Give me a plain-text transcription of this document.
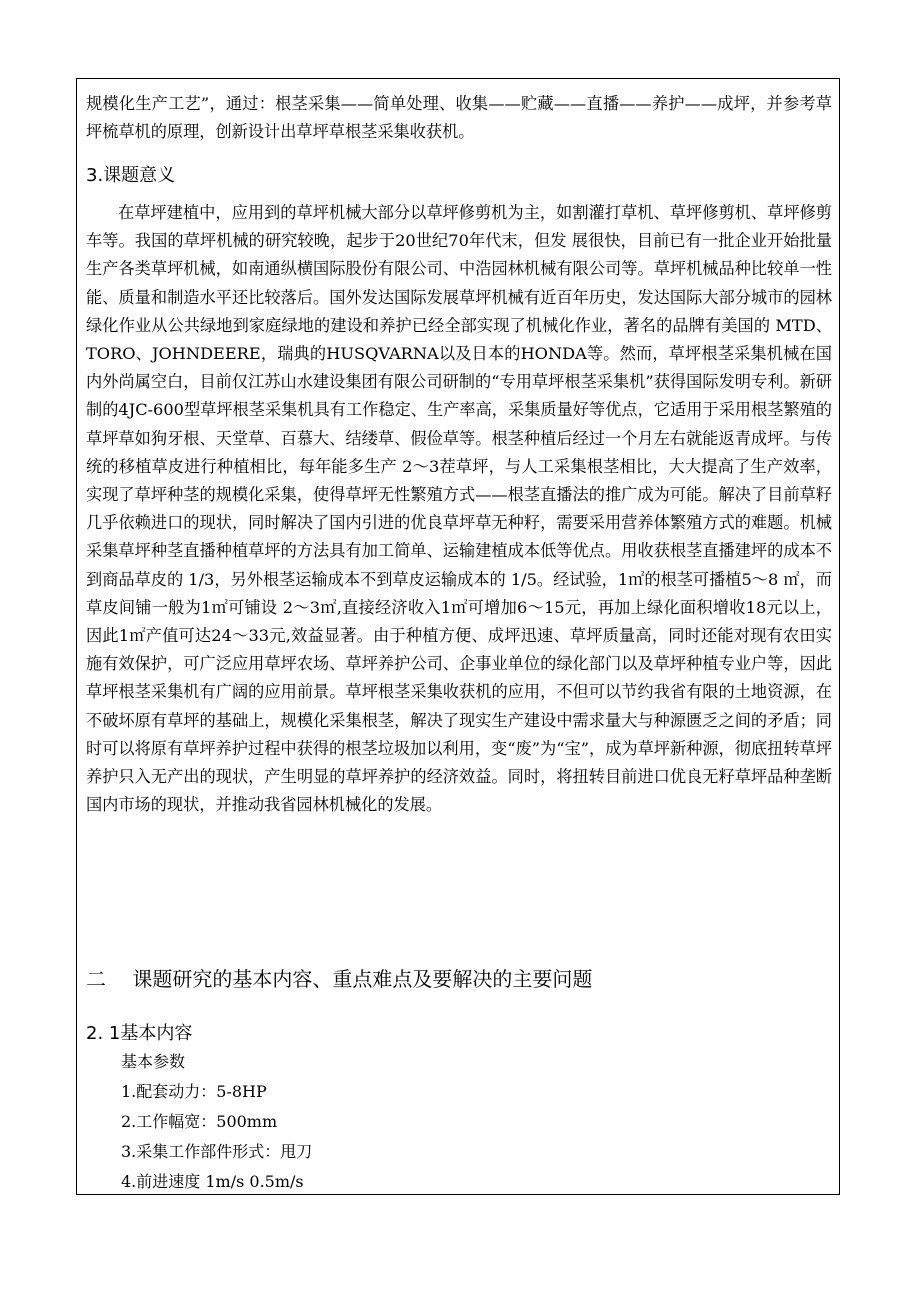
规模化生产工艺”，通过：根茎采集——简单处理、收集——贮藏——直播——养护——成坪，并参考草坪梳草机的原理，创新设计出草坪草根茎采集收获机。

3.课题意义

在草坪建植中，应用到的草坪机械大部分以草坪修剪机为主，如割灌打草机、草坪修剪机、草坪修剪车等。我国的草坪机械的研究较晚，起步于20世纪70年代末，但发 展很快，目前已有一批企业开始批量生产各类草坪机械，如南通纵横国际股份有限公司、中浩园林机械有限公司等。草坪机械品种比较单一性能、质量和制造水平还比较落后。国外发达国际发展草坪机械有近百年历史，发达国际大部分城市的园林绿化作业从公共绿地到家庭绿地的建设和养护已经全部实现了机械化作业，著名的品牌有美国的 MTD、TORO、JOHNDEERE，瑞典的HUSQVARNA以及日本的HONDA等。然而，草坪根茎采集机械在国内外尚属空白，目前仅江苏山水建设集团有限公司研制的“专用草坪根茎采集机”获得国际发明专利。新研制的4JC-600型草坪根茎采集机具有工作稳定、生产率高，采集质量好等优点，它适用于采用根茎繁殖的草坪草如狗牙根、天堂草、百慕大、结缕草、假俭草等。根茎种植后经过一个月左右就能返青成坪。与传统的移植草皮进行种植相比，每年能多生产 2～3茬草坪，与人工采集根茎相比，大大提高了生产效率，实现了草坪种茎的规模化采集，使得草坪无性繁殖方式——根茎直播法的推广成为可能。解决了目前草籽几乎依赖进口的现状，同时解决了国内引进的优良草坪草无种籽，需要采用营养体繁殖方式的难题。机械采集草坪种茎直播种植草坪的方法具有加工简单、运输建植成本低等优点。用收获根茎直播建坪的成本不到商品草皮的 1/3，另外根茎运输成本不到草皮运输成本的 1/5。经试验，1㎡的根茎可播植5～8 ㎡，而草皮间铺一般为1㎡可铺设 2～3㎡,直接经济收入1㎡可增加6～15元，再加上绿化面积增收18元以上，因此1㎡产值可达24～33元,效益显著。由于种植方便、成坪迅速、草坪质量高，同时还能对现有农田实施有效保护，可广泛应用草坪农场、草坪养护公司、企事业单位的绿化部门以及草坪种植专业户等，因此草坪根茎采集机有广阔的应用前景。草坪根茎采集收获机的应用，不但可以节约我省有限的土地资源，在不破坏原有草坪的基础上，规模化采集根茎，解决了现实生产建设中需求量大与种源匮乏之间的矛盾；同时可以将原有草坪养护过程中获得的根茎垃圾加以利用，变“废”为“宝”，成为草坪新种源，彻底扭转草坪养护只入无产出的现状，产生明显的草坪养护的经济效益。同时，将扭转目前进口优良无籽草坪品种垄断国内市场的现状，并推动我省园林机械化的发展。

二　 课题研究的基本内容、重点难点及要解决的主要问题
2. 1基本内容

基本参数

1.配套动力：5-8HP

2.工作幅宽：500mm

3.采集工作部件形式：甩刀

4.前进速度 1m/s 0.5m/s
